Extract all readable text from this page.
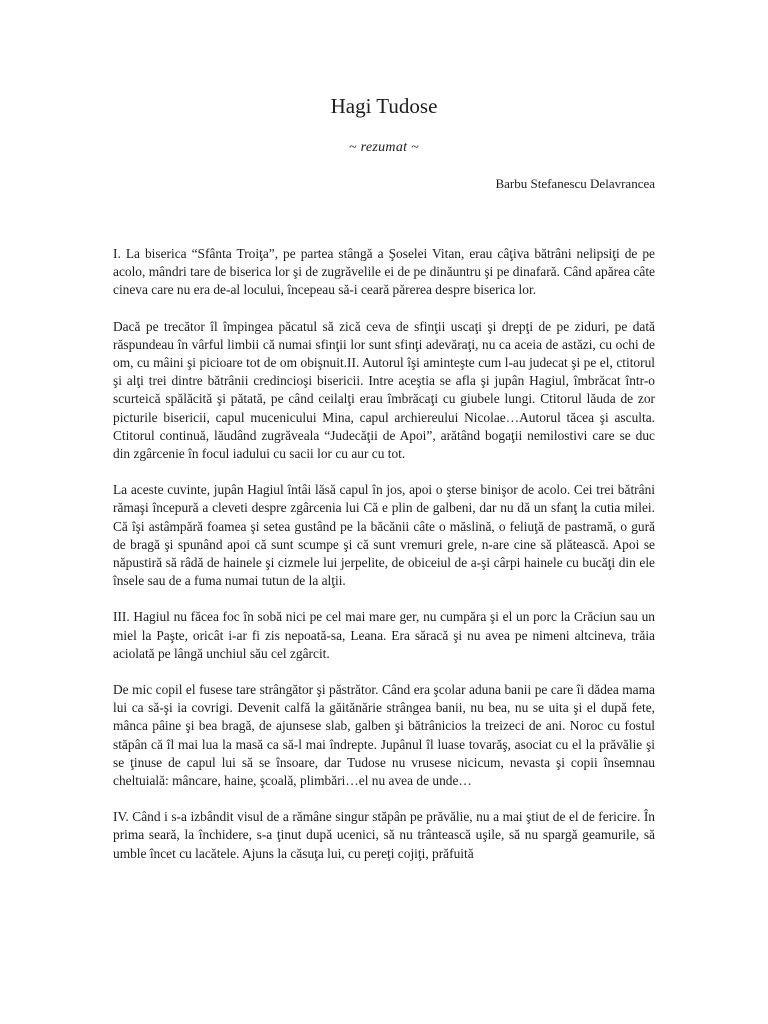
Hagi Tudose

~ rezumat ~

Barbu Stefanescu Delavrancea

I. La biserica “Sfânta Troiţa”, pe partea stângă a Şoselei Vitan, erau câţiva bătrâni nelipsiţi de pe acolo, mândri tare de biserica lor şi de zugrăvelile ei de pe dinăuntru şi pe dinafară. Când apărea câte cineva care nu era de-al locului, începeau să-i ceară părerea despre biserica lor.

Dacă pe trecător îl împingea păcatul să zică ceva de sfinţii uscaţi şi drepţi de pe ziduri, pe dată răspundeau în vârful limbii că numai sfinţii lor sunt sfinţi adevăraţi, nu ca aceia de astăzi, cu ochi de om, cu mâini şi picioare tot de om obişnuit.II. Autorul îşi aminteşte cum l-au judecat şi pe el, ctitorul şi alţi trei dintre bătrânii credincioşi bisericii. Intre aceştia se afla şi jupân Hagiul, îmbrăcat într-o scurteică spălăcită şi pătată, pe când ceilalţi erau îmbrăcaţi cu giubele lungi. Ctitorul lăuda de zor picturile bisericii, capul mucenicului Mina, capul archiereului Nicolae…Autorul tăcea şi asculta. Ctitorul continuă, lăudând zugrăveala “Judecăţii de Apoi”, arătând bogaţii nemilostivi care se duc din zgârcenie în focul iadului cu sacii lor cu aur cu tot.

La aceste cuvinte, jupân Hagiul întâi lăsă capul în jos, apoi o şterse binişor de acolo. Cei trei bătrâni rămaşi începură a cleveti despre zgârcenia lui Că e plin de galbeni, dar nu dă un sfanţ la cutia milei. Că îşi astâmpără foamea şi setea gustând pe la băcănii câte o măslină, o feliuţă de pastramă, o gură de bragă şi spunând apoi că sunt scumpe şi că sunt vremuri grele, n-are cine să plătească. Apoi se năpustiră să râdă de hainele şi cizmele lui jerpelite, de obiceiul de a-şi cârpi hainele cu bucăţi din ele însele sau de a fuma numai tutun de la alţii.

III. Hagiul nu făcea foc în sobă nici pe cel mai mare ger, nu cumpăra şi el un porc la Crăciun sau un miel la Paşte, oricât i-ar fi zis nepoată-sa, Leana. Era săracă şi nu avea pe nimeni altcineva, trăia aciolată pe lângă unchiul său cel zgârcit.

De mic copil el fusese tare strângător şi păstrător. Când era şcolar aduna banii pe care îi dădea mama lui ca să-şi ia covrigi. Devenit calfă la găitănărie strângea banii, nu bea, nu se uita şi el după fete, mânca pâine şi bea bragă, de ajunsese slab, galben şi bătrânicios la treizeci de ani. Noroc cu fostul stăpân că îl mai lua la masă ca să-l mai îndrepte. Jupânul îl luase tovarăş, asociat cu el la prăvălie şi se ţinuse de capul lui să se însoare, dar Tudose nu vrusese nicicum, nevasta şi copii însemnau cheltuială: mâncare, haine, şcoală, plimbări…el nu avea de unde…

IV. Când i s-a izbândit visul de a rămâne singur stăpân pe prăvălie, nu a mai ştiut de el de fericire. În prima seară, la închidere, s-a ţinut după ucenici, să nu trântească uşile, să nu spargă geamurile, să umble încet cu lacătele. Ajuns la căsuţa lui, cu pereţi cojiţi, prăfuită
